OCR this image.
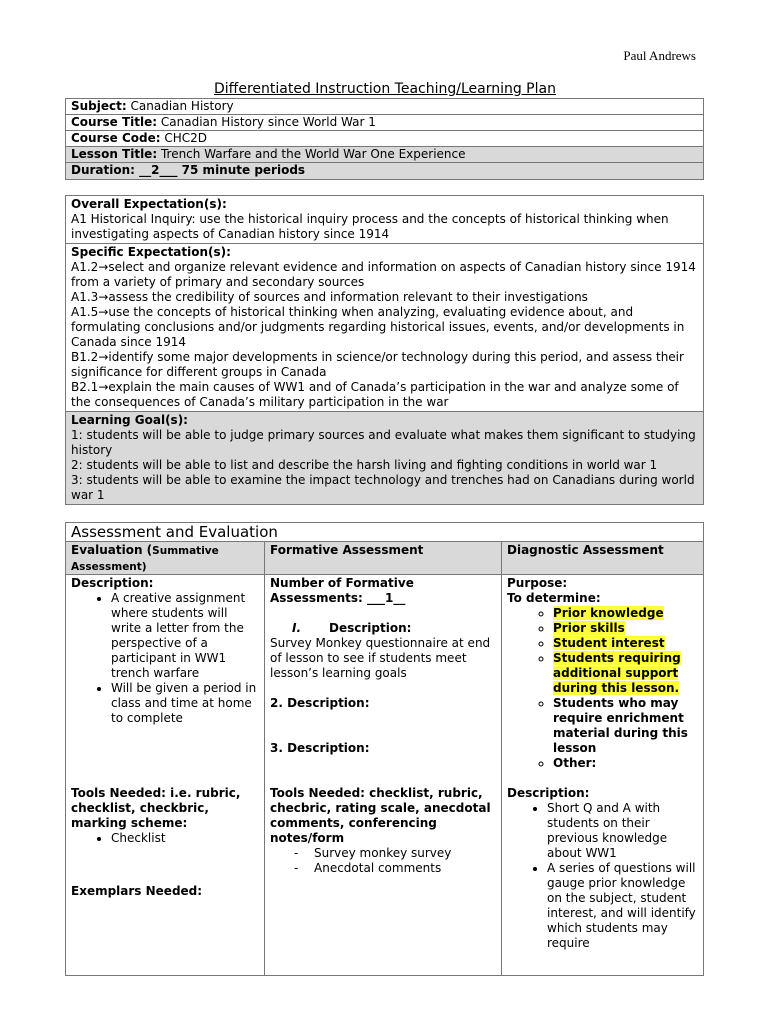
Paul Andrews
Differentiated Instruction Teaching/Learning Plan
Subject: Canadian History
Course Title: Canadian History since World War 1
Course Code: CHC2D
Lesson Title: Trench Warfare and the World War One Experience
Duration: __2___ 75 minute periods

Overall Expectation(s):

A1 Historical Inquiry: use the historical inquiry process and the concepts of historical thinking when investigating aspects of Canadian history since 1914

Specific Expectation(s):

A1.2→select and organize relevant evidence and information on aspects of Canadian history since 1914 from a variety of primary and secondary sources

A1.3→assess the credibility of sources and information relevant to their investigations

A1.5→use the concepts of historical thinking when analyzing, evaluating evidence about, and formulating conclusions and/or judgments regarding historical issues, events, and/or developments in Canada since 1914

B1.2→identify some major developments in science/or technology during this period, and assess their significance for different groups in Canada

B2.1→explain the main causes of WW1 and of Canada’s participation in the war and analyze some of the consequences of Canada’s military participation in the war

Learning Goal(s):

1: students will be able to judge primary sources and evaluate what makes them significant to studying history

2: students will be able to list and describe the harsh living and fighting conditions in world war 1

3: students will be able to examine the impact technology and trenches had on Canadians during world war 1

Assessment and Evaluation
Evaluation (Summative Assessment)
Formative Assessment	Diagnostic Assessment

Description:

• A creative assignment where students will write a letter from the perspective of a participant in WW1 trench warfare
• Will be given a period in class and time at home to complete

Tools Needed: i.e. rubric, checklist, checkbric, marking scheme:

• Checklist

Exemplars Needed:

Number of Formative Assessments: ___1__

I. Description:

Survey Monkey questionnaire at end of lesson to see if students meet lesson’s learning goals

2. Description:

3. Description:

Tools Needed: checklist, rubric, checbric, rating scale, anecdotal comments, conferencing notes/form

- Survey monkey survey
- Anecdotal comments

Purpose:

To determine:

◦ Prior knowledge
◦ Prior skills
◦ Student interest
◦ Students requiring additional support during this lesson.
◦ Students who may require enrichment material during this lesson
◦ Other:

Description:

• Short Q and A with students on their previous knowledge about WW1
• A series of questions will gauge prior knowledge on the subject, student interest, and will identify which students may require
